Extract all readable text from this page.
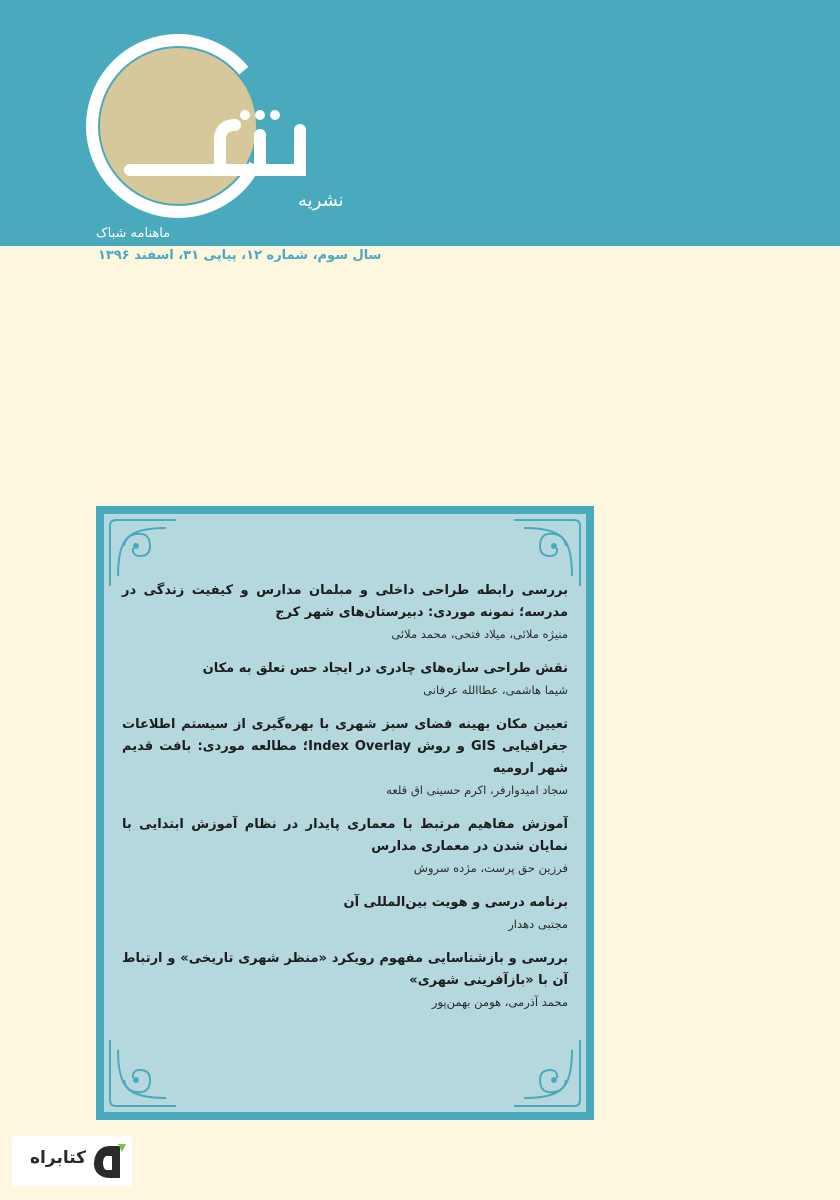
نشریه
ماهنامه شباک
سال سوم، شماره ۱۲، پیاپی ۳۱، اسفند ۱۳۹۶
بررسی رابطه طراحی داخلی و مبلمان مدارس و کیفیت زندگی در مدرسه؛ نمونه موردی: دبیرستان‌های شهر کرج
منیژه ملائی، میلاد فتحی، محمد ملائی
نقش طراحی سازه‌های چادری در ایجاد حس تعلق به مکان
شیما هاشمی، عطاالله عرفانی
تعیین مکان بهینه فضای سبز شهری با بهره‌گیری از سیستم اطلاعات جغرافیایی GIS و روش Index Overlay؛ مطالعه موردی: بافت قدیم شهر ارومیه
سجاد امیدوارفر، اکرم حسینی اق قلعه
آموزش مفاهیم مرتبط با معماری پایدار در نظام آموزش ابتدایی با نمایان شدن در معماری مدارس
فرزین حق پرست، مژده سروش
برنامه درسی و هویت بین‌المللی آن
مجتبی دهدار
بررسی و بازشناسایی مفهوم رویکرد «منظر شهری تاریخی» و ارتباط آن با «بازآفرینی شهری»
محمد آذرمی، هومن بهمن‌پور
کتابراه
